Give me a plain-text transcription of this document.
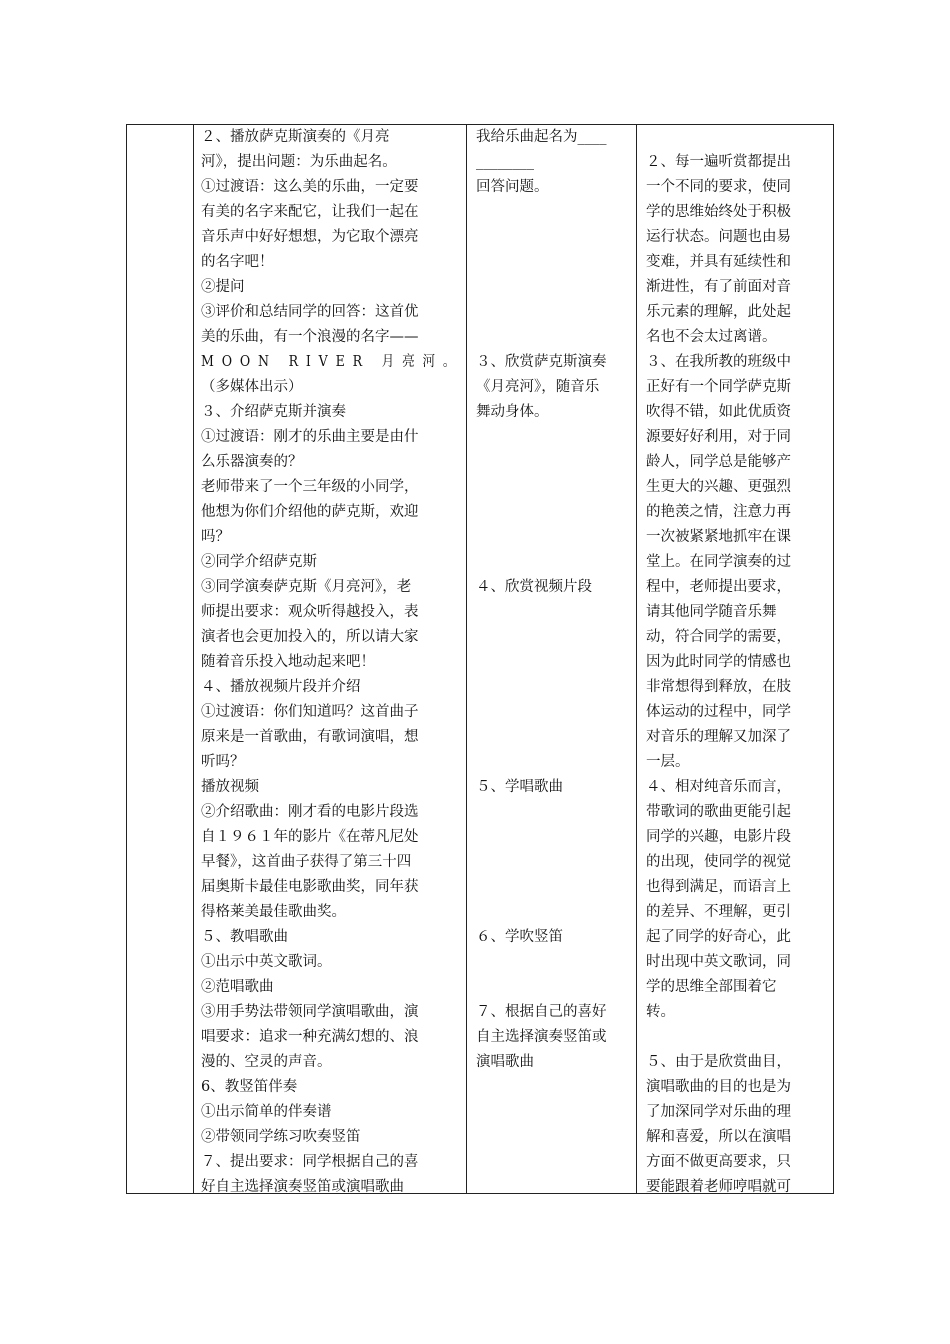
２、播放萨克斯演奏的《月亮

河》，提出问题：为乐曲起名。

①过渡语：这么美的乐曲，一定要

有美的名字来配它，让我们一起在

音乐声中好好想想，为它取个漂亮

的名字吧！

②提问

③评价和总结同学的回答：这首优

美的乐曲，有一个浪漫的名字——

MOON RIVER 月亮河。

（多媒体出示）

３、介绍萨克斯并演奏

①过渡语：刚才的乐曲主要是由什

么乐器演奏的？

老师带来了一个三年级的小同学，

他想为你们介绍他的萨克斯，欢迎

吗？

②同学介绍萨克斯

③同学演奏萨克斯《月亮河》，老

师提出要求：观众听得越投入，表

演者也会更加投入的，所以请大家

随着音乐投入地动起来吧！

４、播放视频片段并介绍

①过渡语：你们知道吗？这首曲子

原来是一首歌曲，有歌词演唱，想

听吗？

播放视频

②介绍歌曲：刚才看的电影片段选

自１９６１年的影片《在蒂凡尼处

早餐》，这首曲子获得了第三十四

届奥斯卡最佳电影歌曲奖，同年获

得格莱美最佳歌曲奖。

５、教唱歌曲

①出示中英文歌词。

②范唱歌曲

③用手势法带领同学演唱歌曲，演

唱要求：追求一种充满幻想的、浪

漫的、空灵的声音。

6、教竖笛伴奏

①出示简单的伴奏谱

②带领同学练习吹奏竖笛

７、提出要求：同学根据自己的喜

好自主选择演奏竖笛或演唱歌曲

我给乐曲起名为____

________

回答问题。

３、欣赏萨克斯演奏

《月亮河》，随音乐

舞动身体。

４、欣赏视频片段

５、学唱歌曲

６、学吹竖笛

７、根据自己的喜好

自主选择演奏竖笛或

演唱歌曲

２、每一遍听赏都提出

一个不同的要求，使同

学的思维始终处于积极

运行状态。问题也由易

变难，并具有延续性和

渐进性，有了前面对音

乐元素的理解，此处起

名也不会太过离谱。

３、在我所教的班级中

正好有一个同学萨克斯

吹得不错，如此优质资

源要好好利用，对于同

龄人，同学总是能够产

生更大的兴趣、更强烈

的艳羡之情，注意力再

一次被紧紧地抓牢在课

堂上。在同学演奏的过

程中，老师提出要求，

请其他同学随音乐舞

动，符合同学的需要，

因为此时同学的情感也

非常想得到释放，在肢

体运动的过程中，同学

对音乐的理解又加深了

一层。

４、相对纯音乐而言，

带歌词的歌曲更能引起

同学的兴趣，电影片段

的出现，使同学的视觉

也得到满足，而语言上

的差异、不理解，更引

起了同学的好奇心，此

时出现中英文歌词，同

学的思维全部围着它

转。

５、由于是欣赏曲目，

演唱歌曲的目的也是为

了加深同学对乐曲的理

解和喜爱，所以在演唱

方面不做更高要求，只

要能跟着老师哼唱就可
